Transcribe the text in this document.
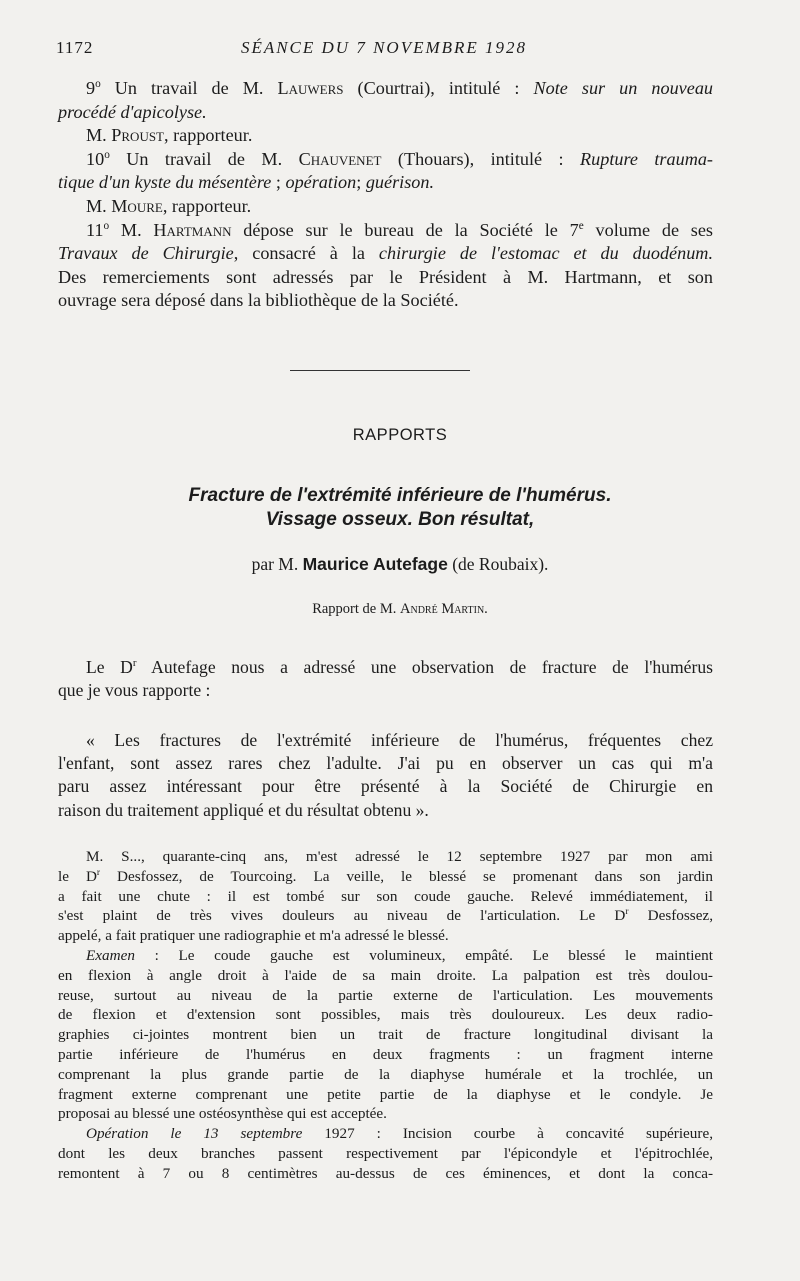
1172	SÉANCE DU 7 NOVEMBRE 1928
9$^o$ Un travail de M. Lauwers (Courtrai), intitulé : Note sur un nouveau
procédé d'apicolyse.
M. Proust, rapporteur.
10$^o$ Un travail de M. Chauvenet (Thouars), intitulé : Rupture trauma-
tique d'un kyste du mésentère ; opération; guérison.
M. Moure, rapporteur.
11$^o$ M. Hartmann dépose sur le bureau de la Société le 7e volume de ses
Travaux de Chirurgie, consacré à la chirurgie de l'estomac et du duodénum.
Des remerciements sont adressés par le Président à M. Hartmann, et son
ouvrage sera déposé dans la bibliothèque de la Société.
RAPPORTS
Fracture de l'extrémité inférieure de l'humérus.
Vissage osseux. Bon résultat,
par M. Maurice Autefage (de Roubaix).
Rapport de M. André Martin.
Le $D^r$ Autefage nous a adressé une observation de fracture de l'humérus
que je vous rapporte :
« Les fractures de l'extrémité inférieure de l'humérus, fréquentes chez
l'enfant, sont assez rares chez l'adulte. J'ai pu en observer un cas qui m'a
paru assez intéressant pour être présenté à la Société de Chirurgie en
raison du traitement appliqué et du résultat obtenu ».
M. S..., quarante-cinq ans, m'est adressé le 12 septembre 1927 par mon ami
le $D^r$ Desfossez, de Tourcoing. La veille, le blessé se promenant dans son jardin
a fait une chute : il est tombé sur son coude gauche. Relevé immédiatement, il
s'est plaint de très vives douleurs au niveau de l'articulation. Le $D^r$ Desfossez,
appelé, a fait pratiquer une radiographie et m'a adressé le blessé.
Examen : Le coude gauche est volumineux, empâté. Le blessé le maintient
en flexion à angle droit à l'aide de sa main droite. La palpation est très doulou-
reuse, surtout au niveau de la partie externe de l'articulation. Les mouvements
de flexion et d'extension sont possibles, mais très douloureux. Les deux radio-
graphies ci-jointes montrent bien un trait de fracture longitudinal divisant la
partie inférieure de l'humérus en deux fragments : un fragment interne
comprenant la plus grande partie de la diaphyse humérale et la trochlée, un
fragment externe comprenant une petite partie de la diaphyse et le condyle. Je
proposai au blessé une ostéosynthèse qui est acceptée.
Opération le 13 septembre 1927 : Incision courbe à concavité supérieure,
dont les deux branches passent respectivement par l'épicondyle et l'épitrochlée,
remontent à 7 ou 8 centimètres au-dessus de ces éminences, et dont la conca-
